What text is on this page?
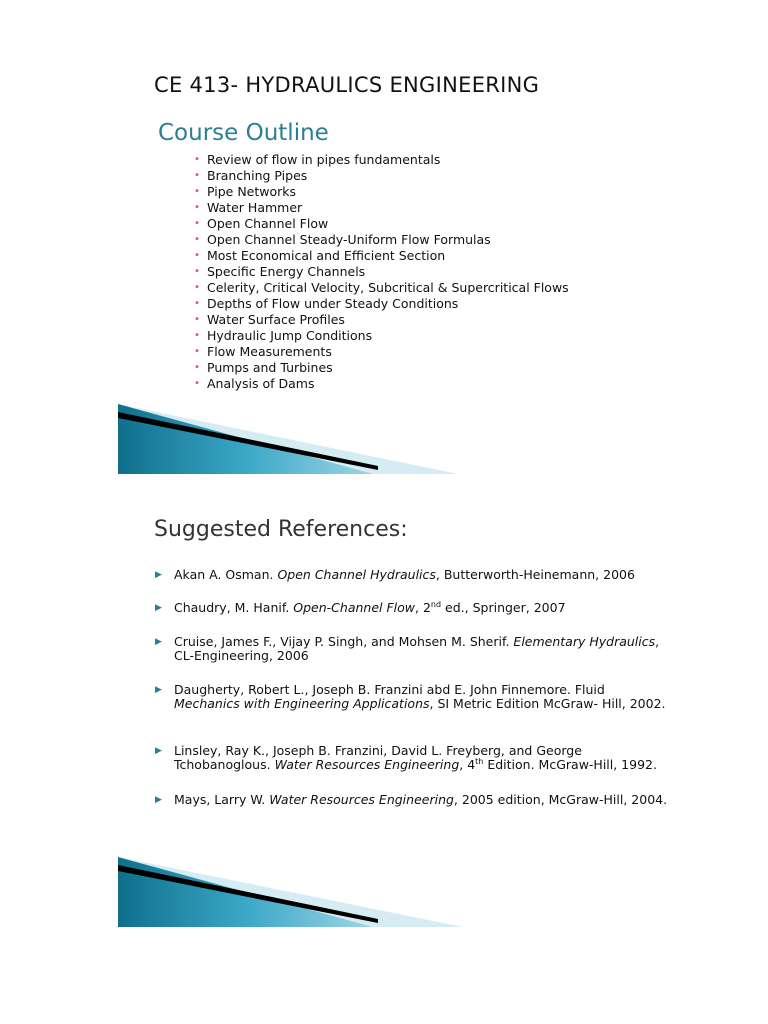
CE 413- HYDRAULICS ENGINEERING
Course Outline
• Review of flow in pipes fundamentals
• Branching Pipes
• Pipe Networks
• Water Hammer
• Open Channel Flow
• Open Channel Steady-Uniform Flow Formulas
• Most Economical and Efficient Section
• Specific Energy Channels
• Celerity, Critical Velocity, Subcritical & Supercritical Flows
• Depths of Flow under Steady Conditions
• Water Surface Profiles
• Hydraulic Jump Conditions
• Flow Measurements
• Pumps and Turbines
• Analysis of Dams
Suggested References:
▶ Akan A. Osman. Open Channel Hydraulics, Butterworth-Heinemann, 2006
▶ Chaudry, M. Hanif. Open-Channel Flow, 2nd ed., Springer, 2007
▶ Cruise, James F., Vijay P. Singh, and Mohsen M. Sherif. Elementary Hydraulics, CL-Engineering, 2006
▶ Daugherty, Robert L., Joseph B. Franzini abd E. John Finnemore. Fluid Mechanics with Engineering Applications, SI Metric Edition McGraw- Hill, 2002.
▶ Linsley, Ray K., Joseph B. Franzini, David L. Freyberg, and George Tchobanoglous. Water Resources Engineering, 4th Edition. McGraw-Hill, 1992.
▶ Mays, Larry W. Water Resources Engineering, 2005 edition, McGraw-Hill, 2004.
